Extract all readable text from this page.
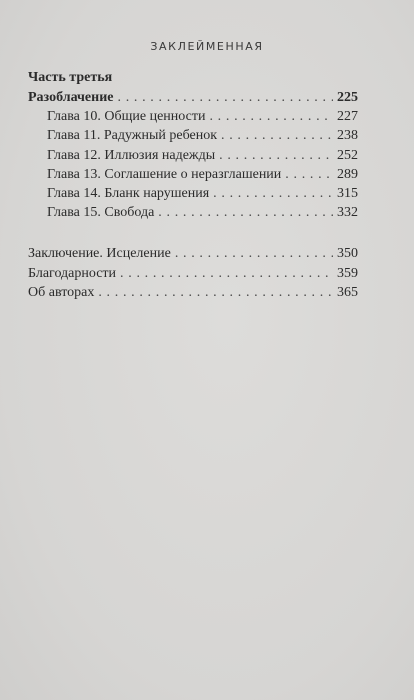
ЗАКЛЕЙМЕННАЯ
Часть третья
Разоблачение . . .	225
Глава 10. Общие ценности . . .	227
Глава 11. Радужный ребенок . . .	238
Глава 12. Иллюзия надежды . . .	252
Глава 13. Соглашение о неразглашении . . .	289
Глава 14. Бланк нарушения . . .	315
Глава 15. Свобода . . .	332
Заключение. Исцеление . . .	350
Благодарности . . .	359
Об авторах . . .	365
